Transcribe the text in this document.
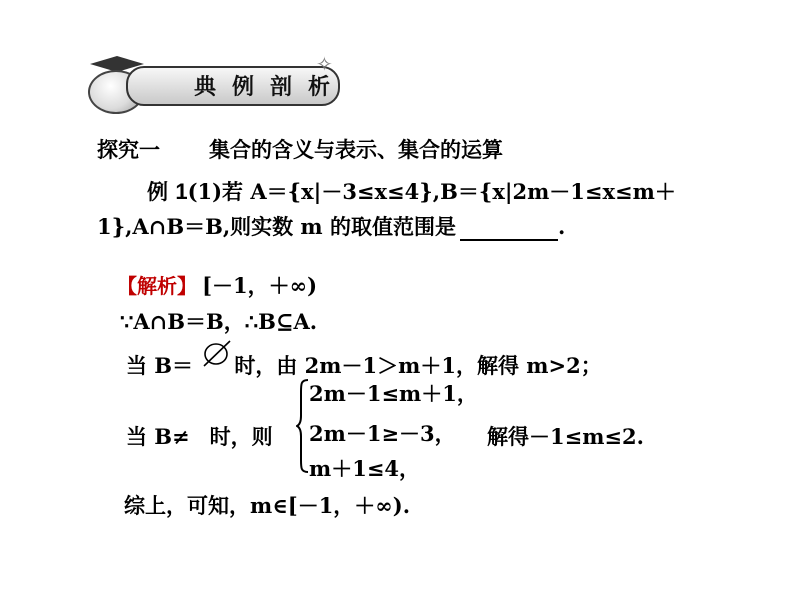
典例剖析
✧
探究一 集合的含义与表示、集合的运算
例 1(1)若 A＝{x|－3≤x≤4},B＝{x|2m－1≤x≤m＋
1},A∩B＝B,则实数 m 的取值范围是	.
【解析】 [－1，＋∞)
∵A∩B＝B，∴B⊆A.
当 B＝ 时，由 2m－1＞m＋1，解得 m>2；
当 B≠ 时，则
2m－1≤m＋1，
2m－1≥－3，
m＋1≤4，
解得－1≤m≤2.
综上，可知，m∈[－1，＋∞).
